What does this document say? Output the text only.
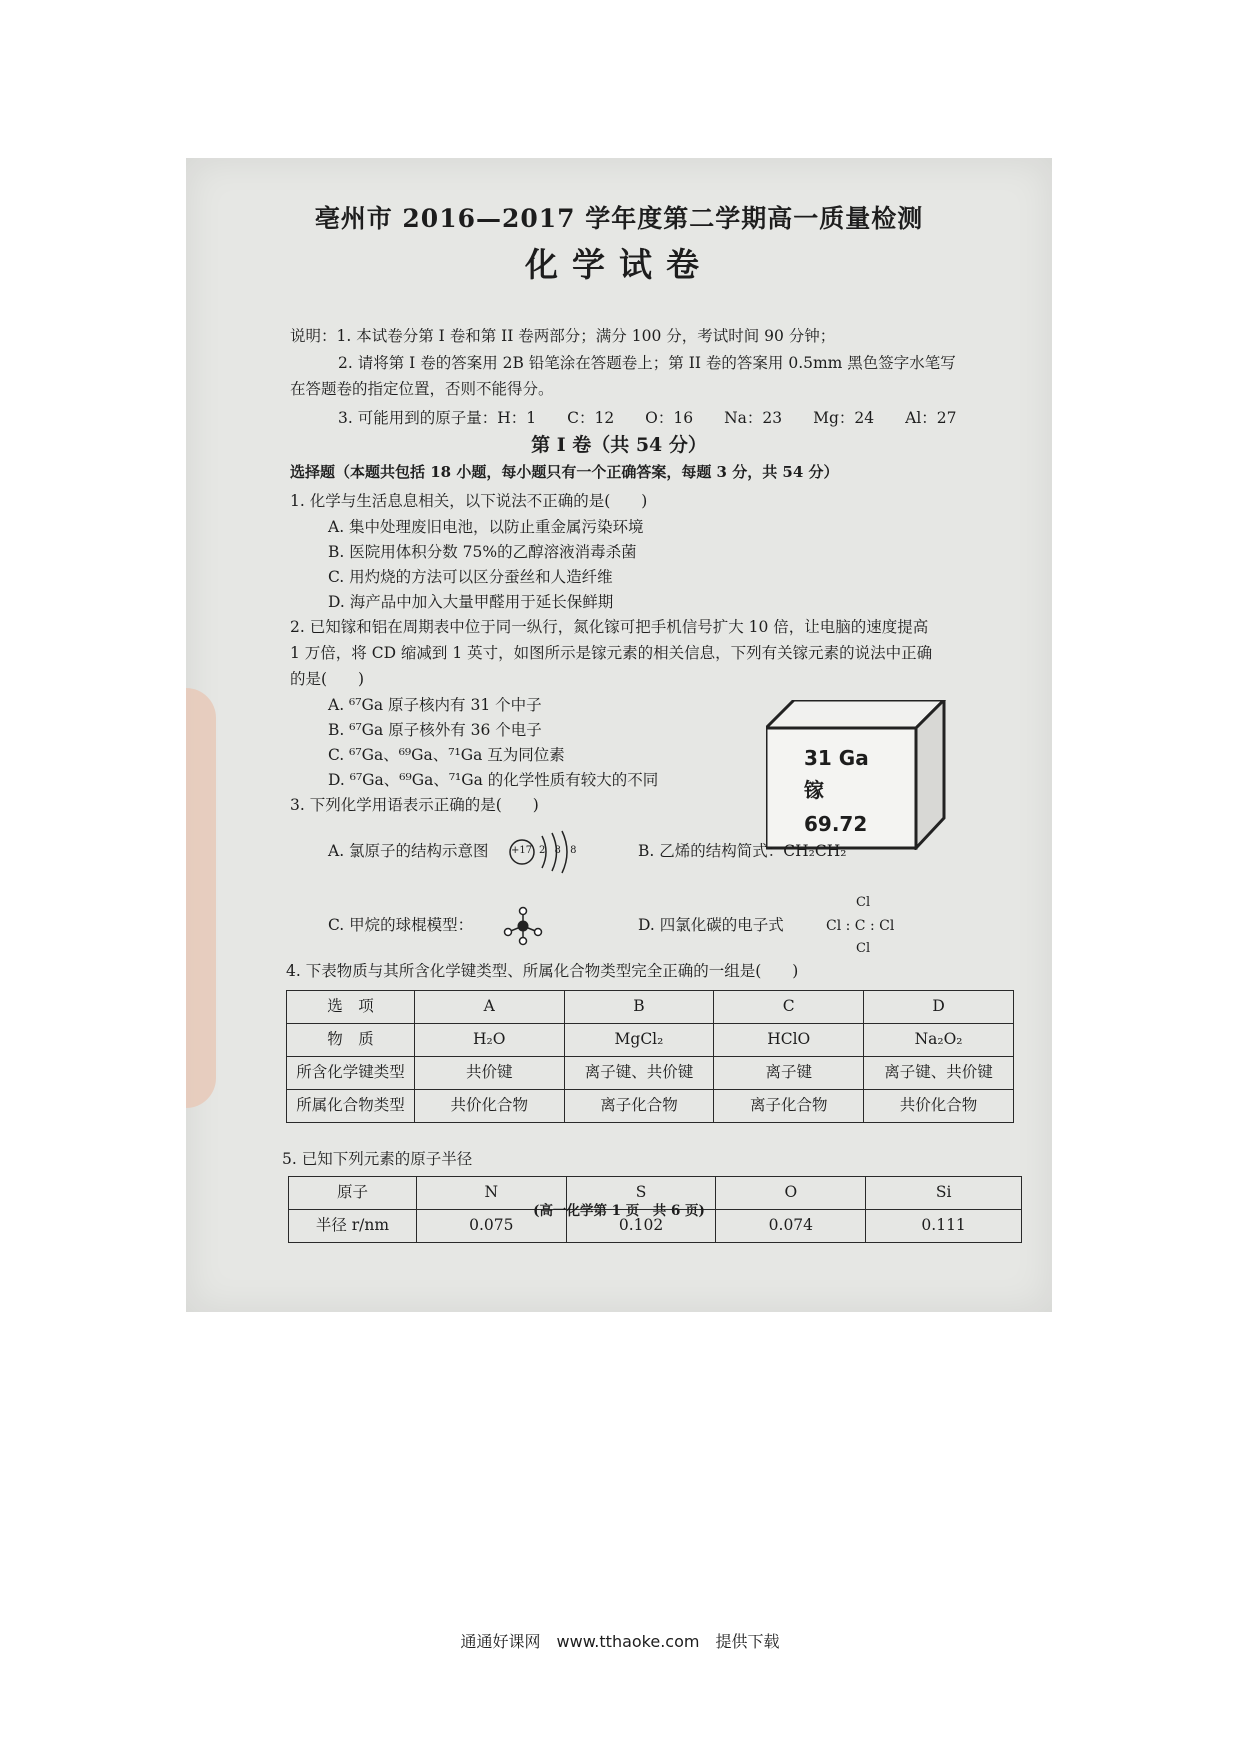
亳州市 2016—2017 学年度第二学期高一质量检测
化学试卷
说明：1. 本试卷分第 I 卷和第 II 卷两部分；满分 100 分，考试时间 90 分钟；
2. 请将第 I 卷的答案用 2B 铅笔涂在答题卷上；第 II 卷的答案用 0.5mm 黑色签字水笔写
在答题卷的指定位置，否则不能得分。
3. 可能用到的原子量：H：1　　C：12　　O：16　　Na：23　　Mg：24　　Al：27
第 I 卷（共 54 分）
选择题（本题共包括 18 小题，每小题只有一个正确答案，每题 3 分，共 54 分）
1. 化学与生活息息相关，以下说法不正确的是(　　)
A. 集中处理废旧电池，以防止重金属污染环境
B. 医院用体积分数 75%的乙醇溶液消毒杀菌
C. 用灼烧的方法可以区分蚕丝和人造纤维
D. 海产品中加入大量甲醛用于延长保鲜期
2. 已知镓和铝在周期表中位于同一纵行，氮化镓可把手机信号扩大 10 倍，让电脑的速度提高
1 万倍，将 CD 缩减到 1 英寸，如图所示是镓元素的相关信息，下列有关镓元素的说法中正确
的是(　　)
A. ⁶⁷Ga 原子核内有 31 个中子
B. ⁶⁷Ga 原子核外有 36 个电子
C. ⁶⁷Ga、⁶⁹Ga、⁷¹Ga 互为同位素
D. ⁶⁷Ga、⁶⁹Ga、⁷¹Ga 的化学性质有较大的不同
31 Ga
镓
69.72
3. 下列化学用语表示正确的是(　　)
A. 氯原子的结构示意图 +17 2 8 8	B. 乙烯的结构简式：CH₂CH₂
C. 甲烷的球棍模型：	D. 四氯化碳的电子式
Cl
Cl : C : Cl
Cl
4. 下表物质与其所含化学键类型、所属化合物类型完全正确的一组是(　　)
选　项	A	B	C	D
物　质	H₂O	MgCl₂	HClO	Na₂O₂
所含化学键类型	共价键	离子键、共价键	离子键	离子键、共价键
所属化合物类型	共价化合物	离子化合物	离子化合物	共价化合物
5. 已知下列元素的原子半径
原子	N	S	O	Si
半径 r/nm	0.075	0.102	0.074	0.111
(高一化学第 1 页　共 6 页)
通通好课网　www.tthaoke.com　提供下载
